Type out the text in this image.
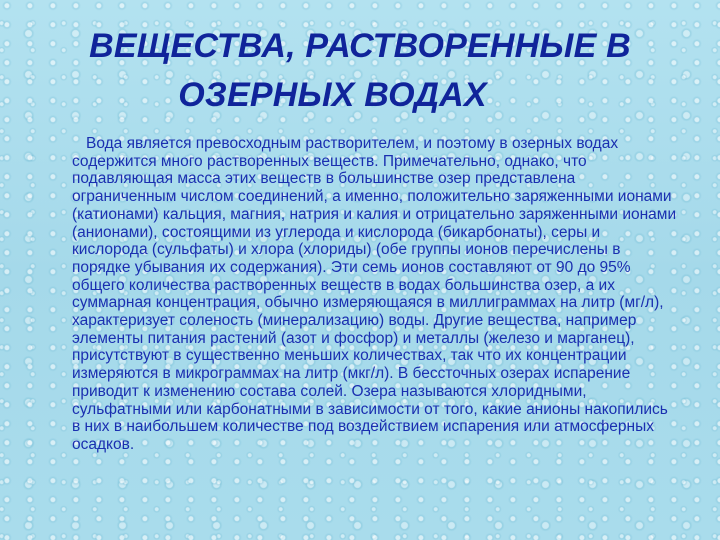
ВЕЩЕСТВА, РАСТВОРЕННЫЕ В
ОЗЕРНЫХ ВОДАХ

Вода является превосходным растворителем, и поэтому в озерных водах содержится много растворенных веществ. Примечательно, однако, что подавляющая масса этих веществ в большинстве озер представлена ограниченным числом соединений, а именно, положительно заряженными ионами (катионами) кальция, магния, натрия и калия и отрицательно заряженными ионами (анионами), состоящими из углерода и кислорода (бикарбонаты), серы и кислорода (сульфаты) и хлора (хлориды) (обе группы ионов перечислены в порядке убывания их содержания). Эти семь ионов составляют от 90 до 95% общего количества растворенных веществ в водах большинства озер, а их суммарная концентрация, обычно измеряющаяся в миллиграммах на литр (мг/л), характеризует соленость (минерализацию) воды. Другие вещества, например элементы питания растений (азот и фосфор) и металлы (железо и марганец), присутствуют в существенно меньших количествах, так что их концентрации измеряются в микрограммах на литр (мкг/л). В бессточных озерах испарение приводит к изменению состава солей. Озера называются хлоридными, сульфатными или карбонатными в зависимости от того, какие анионы накопились в них в наибольшем количестве под воздействием испарения или атмосферных осадков.
